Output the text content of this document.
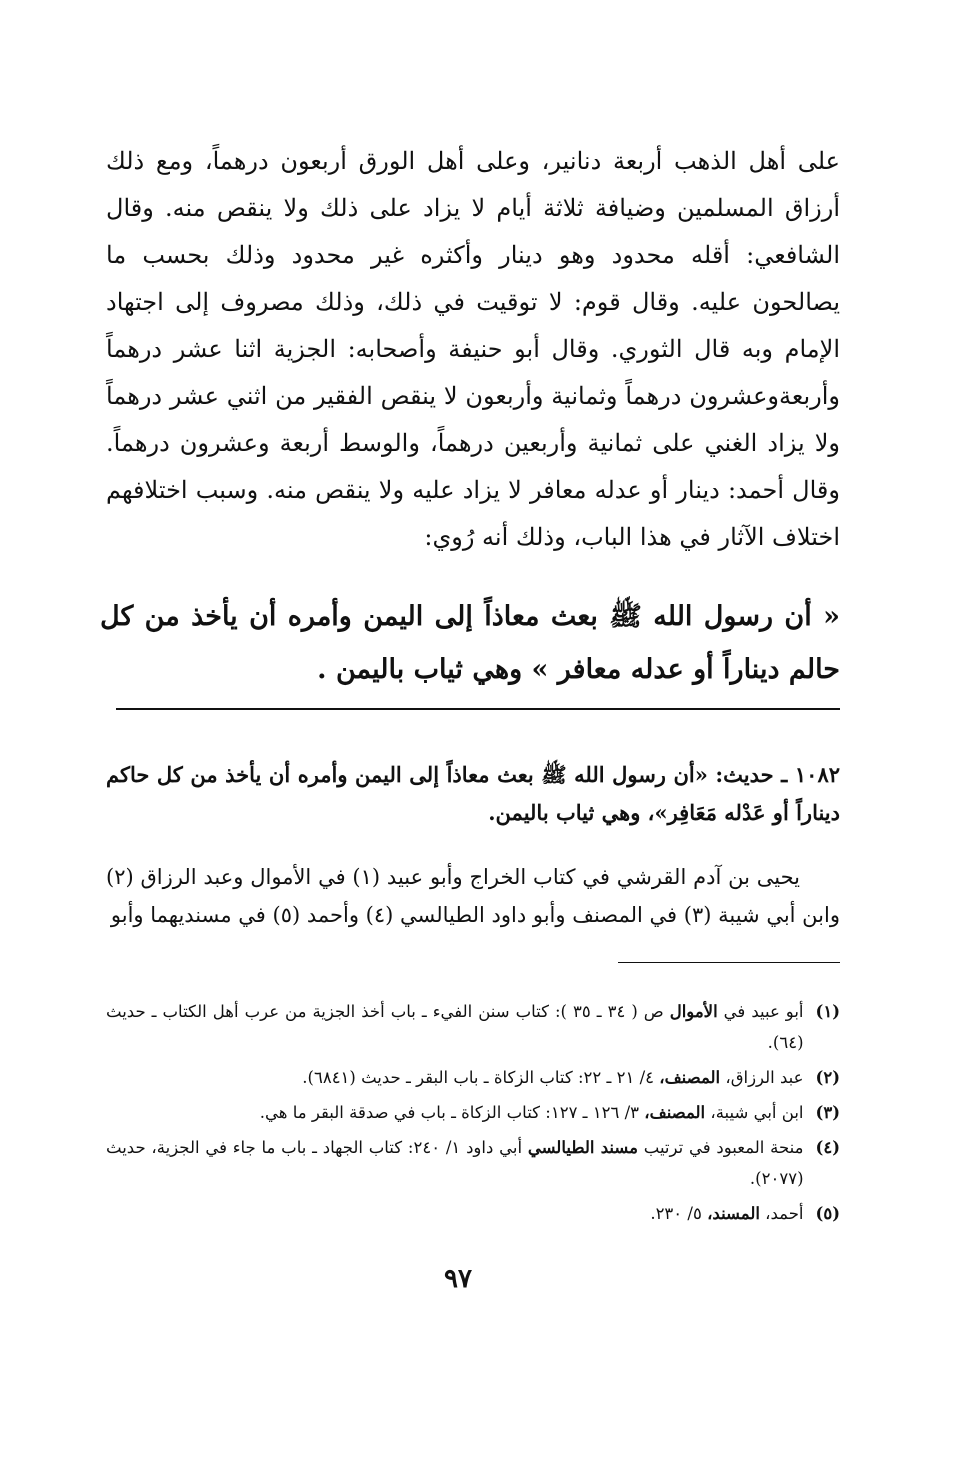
على أهل الذهب أربعة دنانير، وعلى أهل الورق أربعون درهماً، ومع ذلك أرزاق المسلمين وضيافة ثلاثة أيام لا يزاد على ذلك ولا ينقص منه. وقال الشافعي: أقله محدود وهو دينار وأكثره غير محدود وذلك بحسب ما يصالحون عليه. وقال قوم: لا توقيت في ذلك، وذلك مصروف إلى اجتهاد الإمام وبه قال الثوري. وقال أبو حنيفة وأصحابه: الجزية اثنا عشر درهماً وأربعةوعشرون درهماً وثمانية وأربعون لا ينقص الفقير من اثني عشر درهماً ولا يزاد الغني على ثمانية وأربعين درهماً، والوسط أربعة وعشرون درهماً. وقال أحمد: دينار أو عدله معافر لا يزاد عليه ولا ينقص منه. وسبب اختلافهم اختلاف الآثار في هذا الباب، وذلك أنه رُوي:

« أن رسول الله ﷺ بعث معاذاً إلى اليمن وأمره أن يأخذ من كل حالم ديناراً أو عدله معافر » وهي ثياب باليمن .
١٠٨٢ ـ حديث: «أن رسول الله ﷺ بعث معاذاً إلى اليمن وأمره أن يأخذ من كل حاكم ديناراً أو عَدْله مَعَافِر»، وهي ثياب باليمن.
يحيى بن آدم القرشي في كتاب الخراج وأبو عبيد (١) في الأموال وعبد الرزاق (٢) وابن أبي شيبة (٣) في المصنف وأبو داود الطيالسي (٤) وأحمد (٥) في مسنديهما وأبو
(١)
أبو عبيد في الأموال ص ( ٣٤ ـ ٣٥ ): كتاب سنن الفيء ـ باب أخذ الجزية من عرب أهل الكتاب ـ حديث (٦٤).
(٢)
عبد الرزاق، المصنف، ٤/ ٢١ ـ ٢٢: كتاب الزكاة ـ باب البقر ـ حديث (٦٨٤١).
(٣)
ابن أبي شيبة، المصنف، ٣/ ١٢٦ ـ ١٢٧: كتاب الزكاة ـ باب في صدقة البقر ما هي.
(٤)
منحة المعبود في ترتيب مسند الطيالسي أبي داود ١/ ٢٤٠: كتاب الجهاد ـ باب ما جاء في الجزية، حديث (٢٠٧٧).
(٥)
أحمد، المسند، ٥/ ٢٣٠.
٩٧
